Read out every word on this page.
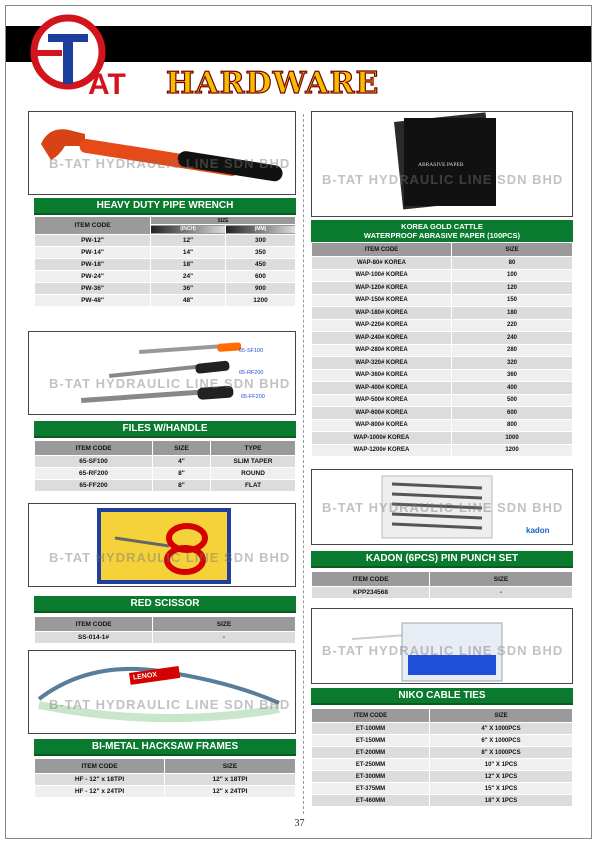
AT HARDWARE
B-TAT HYDRAULIC LINE SDN BHD
HEAVY DUTY PIPE WRENCH
ITEM CODE	SIZE	

	(INCH)	(MM)

PW-12"	12"	300
PW-14"	14"	350
PW-18"	18"	450
PW-24"	24"	600
PW-36"	36"	900
PW-48"	48"	1200
65-SF100
65-RF200
65-FF200
B-TAT HYDRAULIC LINE SDN BHD
FILES W/HANDLE
ITEM CODE	SIZE	TYPE
65-SF100	4"	SLIM TAPER
65-RF200	8"	ROUND
65-FF200	8"	FLAT
B-TAT HYDRAULIC LINE SDN BHD
RED SCISSOR
ITEM CODE	SIZE
SS-014-1#	-
LENOX
B-TAT HYDRAULIC LINE SDN BHD
BI-METAL HACKSAW FRAMES
ITEM CODE	SIZE
HF - 12" x 18TPI	12" x 18TPI
HF - 12" x 24TPI	12" x 24TPI
ABRASIVE PAPER
B-TAT HYDRAULIC LINE SDN BHD
KOREA GOLD CATTLE
WATERPROOF ABRASIVE PAPER (100PCS)
ITEM CODE	SIZE
WAP-80# KOREA	80
WAP-100# KOREA	100
WAP-120# KOREA	120
WAP-150# KOREA	150
WAP-180# KOREA	180
WAP-220# KOREA	220
WAP-240# KOREA	240
WAP-280# KOREA	280
WAP-320# KOREA	320
WAP-360# KOREA	360
WAP-400# KOREA	400
WAP-500# KOREA	500
WAP-600# KOREA	600
WAP-800# KOREA	800
WAP-1000# KOREA	1000
WAP-1200# KOREA	1200
kadon
B-TAT HYDRAULIC LINE SDN BHD
KADON (6PCS) PIN PUNCH SET
ITEM CODE	SIZE
KPP234568	-
B-TAT HYDRAULIC LINE SDN BHD
NIKO CABLE TIES
ITEM CODE	SIZE
ET-100MM	4" X 1000PCS
ET-150MM	6" X 1000PCS
ET-200MM	8" X 1000PCS
ET-250MM	10" X 1PCS
ET-300MM	12" X 1PCS
ET-375MM	15" X 1PCS
ET-460MM	18" X 1PCS
37
